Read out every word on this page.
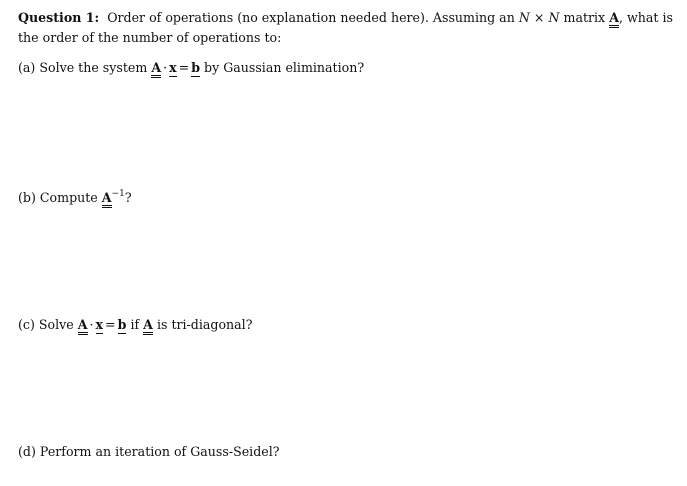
Question 1: Order of operations (no explanation needed here). Assuming an N × N matrix A, what is
the order of the number of operations to:
(a) Solve the system A · x = b by Gaussian elimination?
(b) Compute $A^{-1}$?
(c) Solve A · x = b if A is tri-diagonal?
(d) Perform an iteration of Gauss-Seidel?
